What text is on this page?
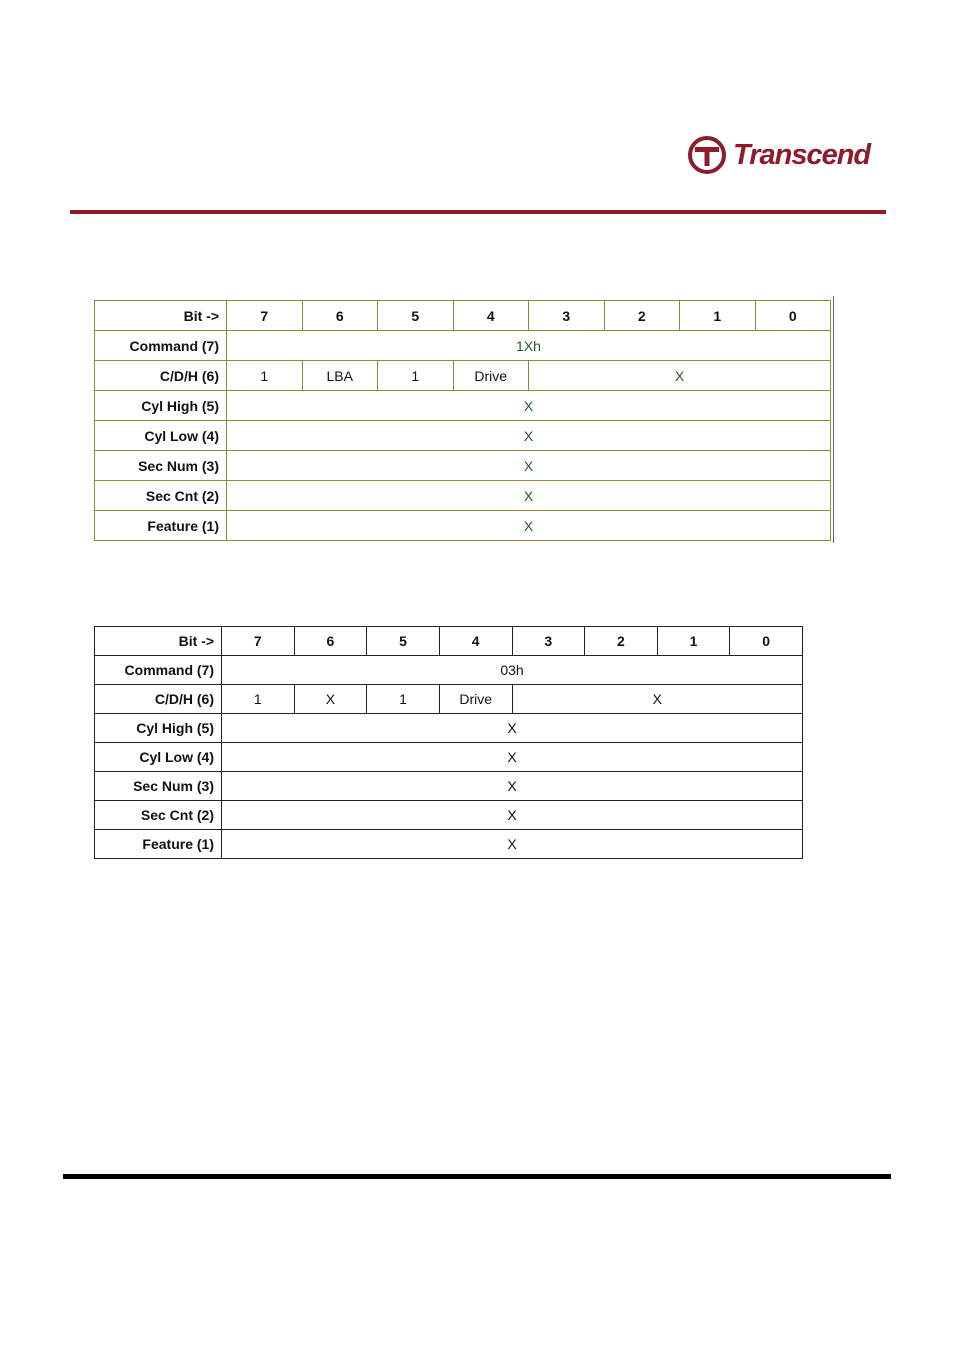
Transcend
Bit ->	7	6	5	4	3	2	1	0
Command (7)	1Xh							
C/D/H (6)	1	LBA	1	Drive	X			
Cyl High (5)	X							
Cyl Low (4)	X							
Sec Num (3)	X							
Sec Cnt (2)	X							
Feature (1)	X							
Bit ->	7	6	5	4	3	2	1	0
Command (7)	03h							
C/D/H (6)	1	X	1	Drive	X			
Cyl High (5)	X							
Cyl Low (4)	X							
Sec Num (3)	X							
Sec Cnt (2)	X							
Feature (1)	X							
